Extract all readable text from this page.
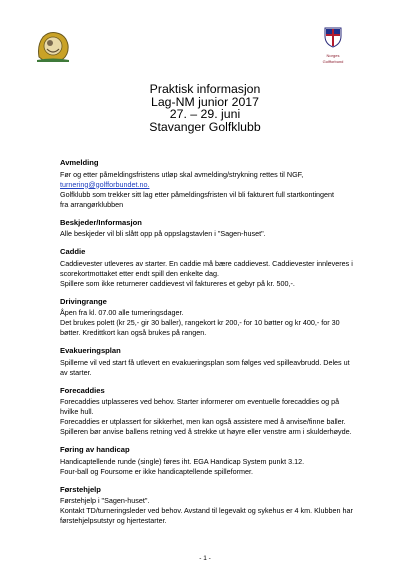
Norges
Golfforbund
Praktisk informasjon
Lag-NM junior 2017
27. – 29. juni
Stavanger Golfklubb
Avmelding

Før og etter påmeldingsfristens utløp skal avmelding/strykning rettes til NGF,

turnering@golfforbundet.no.

Golfklubb som trekker sitt lag etter påmeldingsfristen vil bli fakturert full startkontingent

fra arrangørklubben

Beskjeder/Informasjon

Alle beskjeder vil bli slått opp på oppslagstavlen i "Sagen-huset".

Caddie

Caddievester utleveres av starter. En caddie må bære caddievest. Caddievester innleveres i

scorekortmottaket etter endt spill den enkelte dag.

Spillere som ikke returnerer caddievest vil faktureres et gebyr på kr. 500,-.

Drivingrange

Åpen fra kl. 07.00 alle turneringsdager.

Det brukes polett (kr 25,- gir 30 baller), rangekort kr 200,- for 10 bøtter og kr 400,- for 30

bøtter. Kredittkort kan også brukes på rangen.

Evakueringsplan

Spillerne vil ved start få utlevert en evakueringsplan som følges ved spilleavbrudd. Deles ut

av starter.

Forecaddies

Forecaddies utplasseres ved behov. Starter informerer om eventuelle forecaddies og på

hvilke hull.

Forecaddies er utplassert for sikkerhet, men kan også assistere med å anvise/finne baller.

Spilleren bør anvise ballens retning ved å strekke ut høyre eller venstre arm i skulderhøyde.

Føring av handicap

Handicaptellende runde (single) føres iht. EGA Handicap System punkt 3.12.

Four-ball og Foursome er ikke handicaptellende spilleformer.

Førstehjelp

Førstehjelp i "Sagen-huset".

Kontakt TD/turneringsleder ved behov. Avstand til legevakt og sykehus er 4 km. Klubben har

førstehjelpsutstyr og hjertestarter.

- 1 -
